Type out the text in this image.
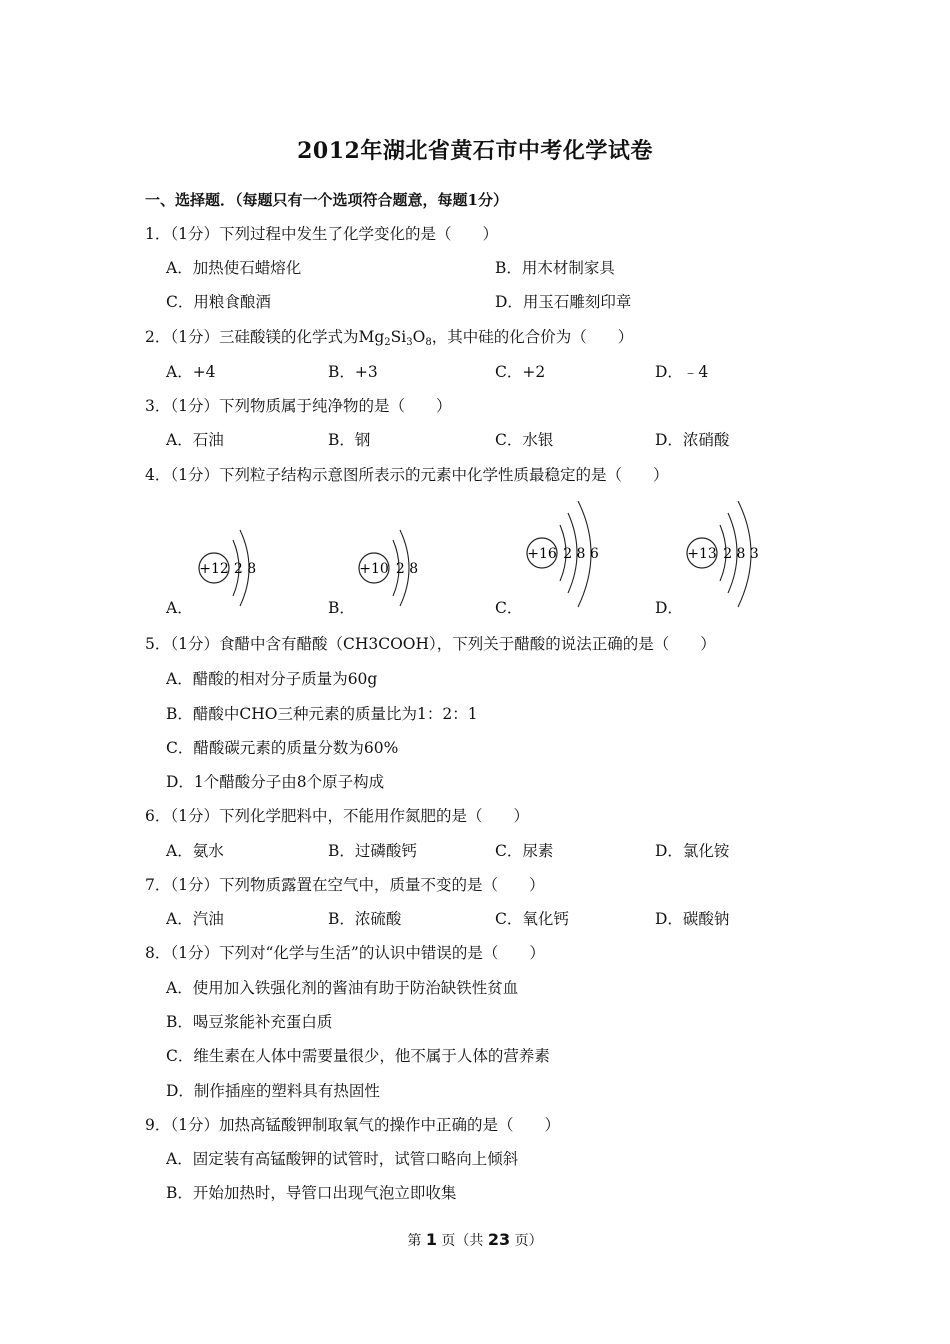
2012年湖北省黄石市中考化学试卷
一、选择题．（每题只有一个选项符合题意，每题1分）
1．（1分）下列过程中发生了化学变化的是（　　）
A．加热使石蜡熔化	B．用木材制家具
C．用粮食酿酒	D．用玉石雕刻印章
2．（1分）三硅酸镁的化学式为$Mg_2Si_3O_8$，其中硅的化合价为（　　）
A．+4	B．+3	C．+2	D．﹣4
3．（1分）下列物质属于纯净物的是（　　）
A．石油	B．钢	C．水银	D．浓硝酸
4．（1分）下列粒子结构示意图所表示的元素中化学性质最稳定的是（　　）
+12 2 8	+10 2 8
+16 2 8 6	+13 2 8 3
A．	B．	C．	D．
5．（1分）食醋中含有醋酸（CH3COOH），下列关于醋酸的说法正确的是（　　）
A．醋酸的相对分子质量为60g
B．醋酸中CHO三种元素的质量比为1：2：1
C．醋酸碳元素的质量分数为60%
D．1个醋酸分子由8个原子构成
6．（1分）下列化学肥料中，不能用作氮肥的是（　　）
A．氨水	B．过磷酸钙	C．尿素	D．氯化铵
7．（1分）下列物质露置在空气中，质量不变的是（　　）
A．汽油	B．浓硫酸	C．氧化钙	D．碳酸钠
8．（1分）下列对“化学与生活”的认识中错误的是（　　）
A．使用加入铁强化剂的酱油有助于防治缺铁性贫血
B．喝豆浆能补充蛋白质
C．维生素在人体中需要量很少，他不属于人体的营养素
D．制作插座的塑料具有热固性
9．（1分）加热高锰酸钾制取氧气的操作中正确的是（　　）
A．固定装有高锰酸钾的试管时，试管口略向上倾斜
B．开始加热时，导管口出现气泡立即收集
第 1 页（共 23 页）
